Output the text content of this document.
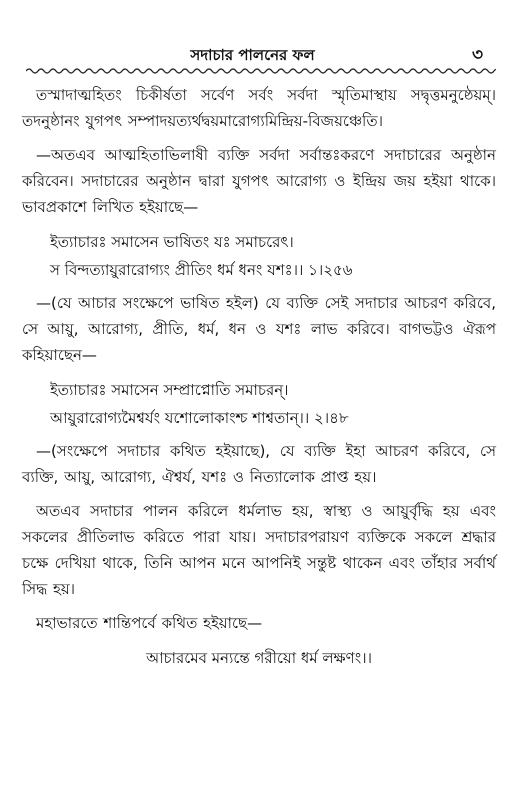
সদাচার পালনের ফল	৩

তস্মাদাত্মহিতং চিকীর্ষতা সর্বেণ সর্বং সর্বদা স্মৃতিমাস্থায় সদ্বৃত্তমনুষ্ঠেয়ম্। তদনুষ্ঠানং যুগপৎ সম্পাদয়ত্যর্থদ্বয়মারোগ্যমিন্দ্রিয়-বিজয়ঞ্চেতি।

—অতএব আত্মহিতাভিলাষী ব্যক্তি সর্বদা সর্বান্তঃকরণে সদাচারের অনুষ্ঠান করিবেন। সদাচারের অনুষ্ঠান দ্বারা যুগপৎ আরোগ্য ও ইন্দ্রিয় জয় হইয়া থাকে। ভাবপ্রকাশে লিখিত হইয়াছে—

ইত্যাচারঃ সমাসেন ভাষিতং যঃ সমাচরেৎ।
স বিন্দত্যায়ুরারোগ্যং প্রীতিং ধর্ম ধনং যশঃ।। ১।২৫৬

—(যে আচার সংক্ষেপে ভাষিত হইল) যে ব্যক্তি সেই সদাচার আচরণ করিবে, সে আয়ু, আরোগ্য, প্রীতি, ধর্ম, ধন ও যশঃ লাভ করিবে। বাগভট্টও ঐরূপ কহিয়াছেন—

ইত্যাচারঃ সমাসেন সম্প্রাপ্নোতি সমাচরন্।
আয়ুরারোগ্যমৈশ্বর্যং যশোলোকাংশ্চ শাশ্বতান্।। ২।৪৮

—(সংক্ষেপে সদাচার কথিত হইয়াছে), যে ব্যক্তি ইহা আচরণ করিবে, সে ব্যক্তি, আয়ু, আরোগ্য, ঐশ্বর্য, যশঃ ও নিত্যালোক প্রাপ্ত হয়।

অতএব সদাচার পালন করিলে ধর্মলাভ হয়, স্বাস্থ্য ও আয়ুর্বৃদ্ধি হয় এবং সকলের প্রীতিলাভ করিতে পারা যায়। সদাচারপরায়ণ ব্যক্তিকে সকলে শ্রদ্ধার চক্ষে দেখিয়া থাকে, তিনি আপন মনে আপনিই সন্তুষ্ট থাকেন এবং তাঁহার সর্বার্থ সিদ্ধ হয়।

মহাভারতে শান্তিপর্বে কথিত হইয়াছে—

আচারমেব মন্যন্তে গরীয়ো ধর্ম লক্ষণং।।
